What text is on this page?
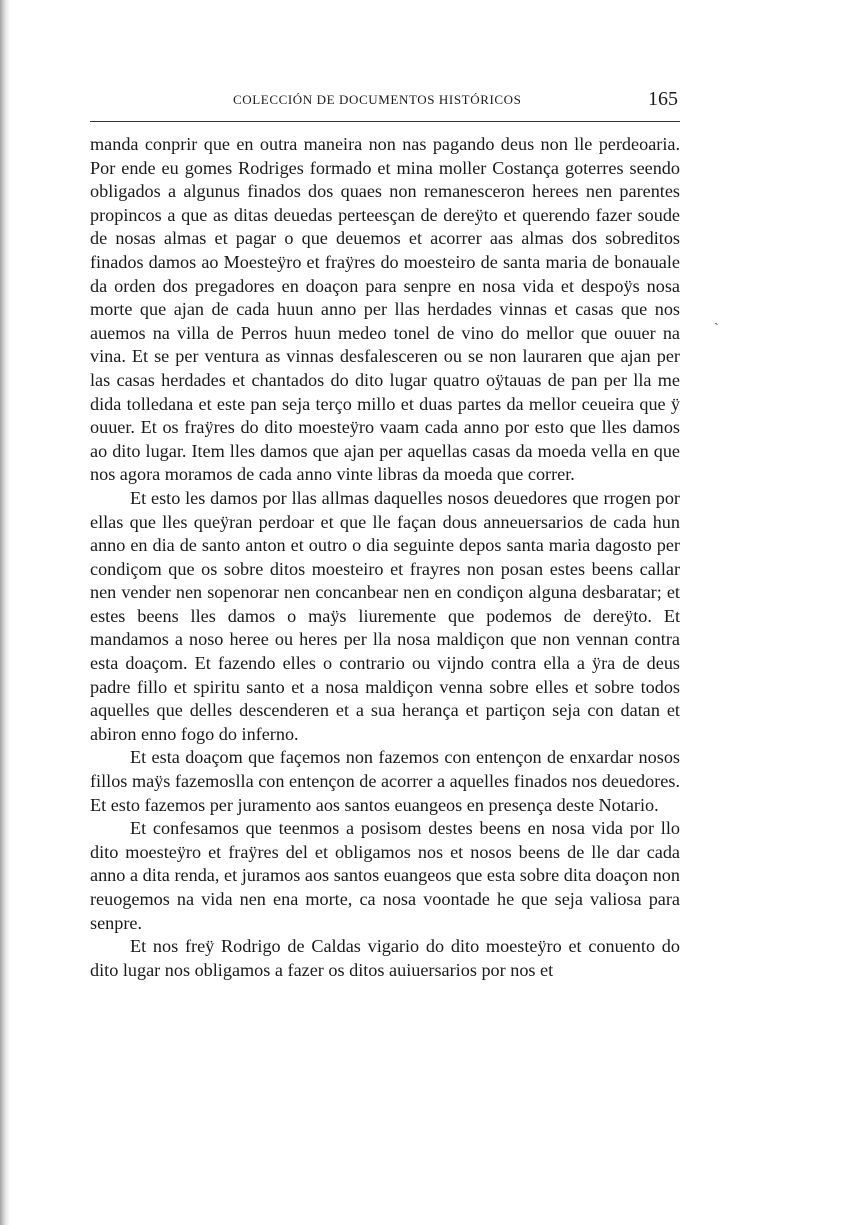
COLECCIÓN DE DOCUMENTOS HISTÓRICOS	165
ˎ

manda conprir que en outra maneira non nas pagando deus non lle perdeoaria. Por ende eu gomes Rodriges formado et mina moller Costança goterres seendo obligados a algunus finados dos quaes non remanesceron herees nen parentes propincos a que as ditas deuedas perteesçan de dereÿto et querendo fazer soude de nosas almas et pagar o que deuemos et acorrer aas almas dos sobreditos finados damos ao Moesteÿro et fraÿres do moesteiro de santa maria de bonauale da orden dos pregadores en doaçon para senpre en nosa vida et despoÿs nosa morte que ajan de cada huun anno per llas herdades vinnas et casas que nos auemos na villa de Perros huun medeo tonel de vino do mellor que ouuer na vina. Et se per ventura as vinnas desfalesceren ou se non lauraren que ajan per las casas herdades et chantados do dito lugar quatro oÿtauas de pan per lla me dida tolledana et este pan seja terço millo et duas partes da mellor ceueira que ÿ ouuer. Et os fraÿres do dito moesteÿro vaam cada anno por esto que lles damos ao dito lugar. Item lles damos que ajan per aquellas casas da moeda vella en que nos agora moramos de cada anno vinte libras da moeda que correr.

Et esto les damos por llas allmas daquelles nosos deuedores que rrogen por ellas que lles queÿran perdoar et que lle façan dous anneuersarios de cada hun anno en dia de santo anton et outro o dia seguinte depos santa maria dagosto per condiçom que os sobre ditos moesteiro et frayres non posan estes beens callar nen vender nen sopenorar nen concanbear nen en condiçon alguna desbaratar; et estes beens lles damos o maÿs liuremente que podemos de dereÿto. Et mandamos a noso heree ou heres per lla nosa maldiçon que non vennan contra esta doaçom. Et fazendo elles o contrario ou vijndo contra ella a ÿra de deus padre fillo et spiritu santo et a nosa maldiçon venna sobre elles et sobre todos aquelles que delles descenderen et a sua herança et partiçon seja con datan et abiron enno fogo do inferno.

Et esta doaçom que façemos non fazemos con entençon de enxardar nosos fillos maÿs fazemoslla con entençon de acorrer a aquelles finados nos deuedores. Et esto fazemos per juramento aos santos euangeos en presença deste Notario.

Et confesamos que teenmos a posisom destes beens en nosa vida por llo dito moesteÿro et fraÿres del et obligamos nos et nosos beens de lle dar cada anno a dita renda, et juramos aos santos euangeos que esta sobre dita doaçon non reuogemos na vida nen ena morte, ca nosa voontade he que seja valiosa para senpre.

Et nos freÿ Rodrigo de Caldas vigario do dito moesteÿro et conuento do dito lugar nos obligamos a fazer os ditos auiuersarios por nos et
